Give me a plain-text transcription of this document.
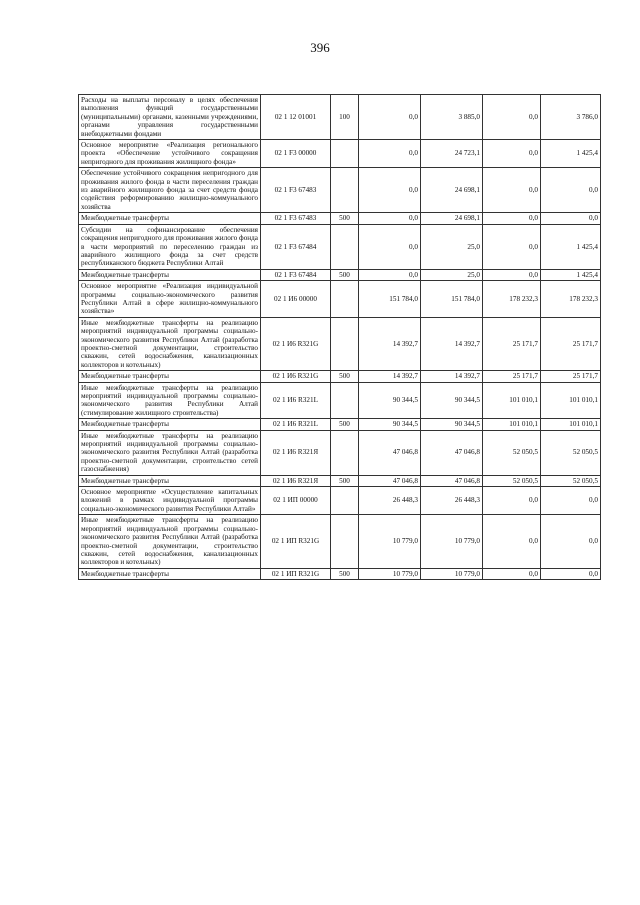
396
Расходы на выплаты персоналу в целях обеспечения выполнения функций государственными (муниципальными) органами, казенными учреждениями, органами управления государственными внебюджетными фондами	02 1 12 01001	100	0,0	3 885,0	0,0	3 786,0
Основное мероприятие «Реализация регионального проекта «Обеспечение устойчивого сокращения непригодного для проживания жилищного фонда»	02 1 F3 00000		0,0	24 723,1	0,0	1 425,4
Обеспечение устойчивого сокращения непригодного для проживания жилого фонда в части переселения граждан из аварийного жилищного фонда за счет средств фонда содействия реформированию жилищно-коммунального хозяйства	02 1 F3 67483		0,0	24 698,1	0,0	0,0
Межбюджетные трансферты	02 1 F3 67483	500	0,0	24 698,1	0,0	0,0
Субсидии на софинансирование обеспечения сокращения непригодного для проживания жилого фонда в части мероприятий по переселению граждан из аварийного жилищного фонда за счет средств республиканского бюджета Республики Алтай	02 1 F3 67484		0,0	25,0	0,0	1 425,4
Межбюджетные трансферты	02 1 F3 67484	500	0,0	25,0	0,0	1 425,4
Основное мероприятие «Реализация индивидуальной программы социально-экономического развития Республики Алтай в сфере жилищно-коммунального хозяйства»	02 1 И6 00000		151 784,0	151 784,0	178 232,3	178 232,3
Иные межбюджетные трансферты на реализацию мероприятий индивидуальной программы социально-экономического развития Республики Алтай (разработка проектно-сметной документации, строительство скважин, сетей водоснабжения, канализационных коллекторов и котельных)	02 1 И6 R321G		14 392,7	14 392,7	25 171,7	25 171,7
Межбюджетные трансферты	02 1 И6 R321G	500	14 392,7	14 392,7	25 171,7	25 171,7
Иные межбюджетные трансферты на реализацию мероприятий индивидуальной программы социально-экономического развития Республики Алтай (стимулирование жилищного строительства)	02 1 И6 R321L		90 344,5	90 344,5	101 010,1	101 010,1
Межбюджетные трансферты	02 1 И6 R321L	500	90 344,5	90 344,5	101 010,1	101 010,1
Иные межбюджетные трансферты на реализацию мероприятий индивидуальной программы социально-экономического развития Республики Алтай (разработка проектно-сметной документации, строительство сетей газоснабжения)	02 1 И6 R321Я		47 046,8	47 046,8	52 050,5	52 050,5
Межбюджетные трансферты	02 1 И6 R321Я	500	47 046,8	47 046,8	52 050,5	52 050,5
Основное мероприятие «Осуществление капитальных вложений в рамках индивидуальной программы социально-экономического развития Республики Алтай»	02 1 ИП 00000		26 448,3	26 448,3	0,0	0,0
Иные межбюджетные трансферты на реализацию мероприятий индивидуальной программы социально-экономического развития Республики Алтай (разработка проектно-сметной документации, строительство скважин, сетей водоснабжения, канализационных коллекторов и котельных)	02 1 ИП R321G		10 779,0	10 779,0	0,0	0,0
Межбюджетные трансферты	02 1 ИП R321G	500	10 779,0	10 779,0	0,0	0,0
